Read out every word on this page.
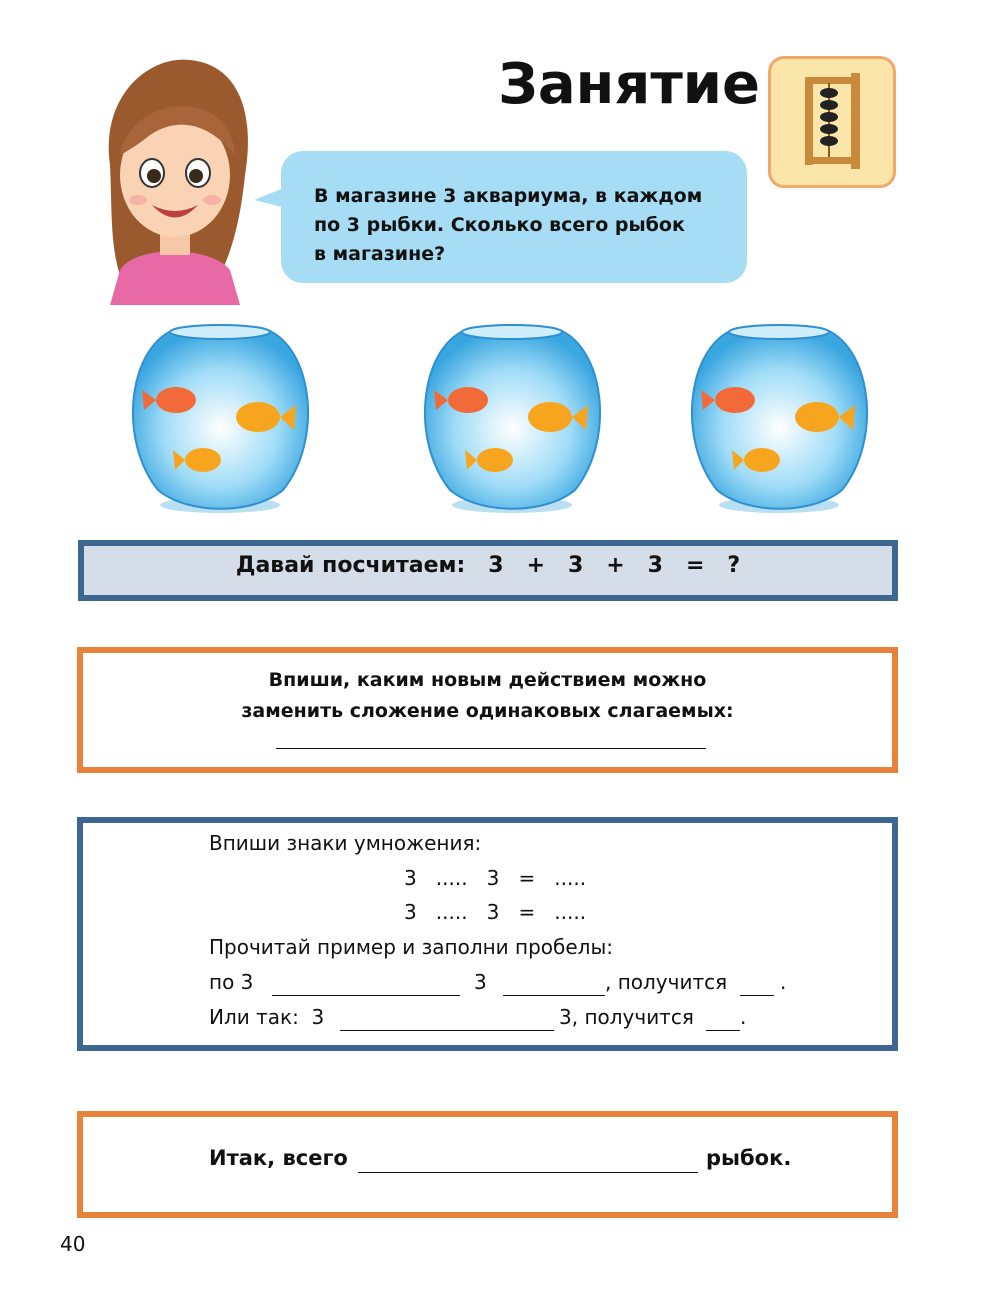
Занятие
В магазине 3 аквариума, в каждом
по 3 рыбки. Сколько всего рыбок
в магазине?
Давай посчитаем: 3   +   3   +   3   =   ?
Впиши, каким новым действием можно
заменить сложение одинаковых слагаемых:
Впиши знаки умножения:
3   .....   3   =   .....
3   .....   3   =   .....
Прочитай пример и заполни пробелы:
по 3	3	, получится	.
Или так:  3	3, получится .
Итак, всего	рыбок.
40
